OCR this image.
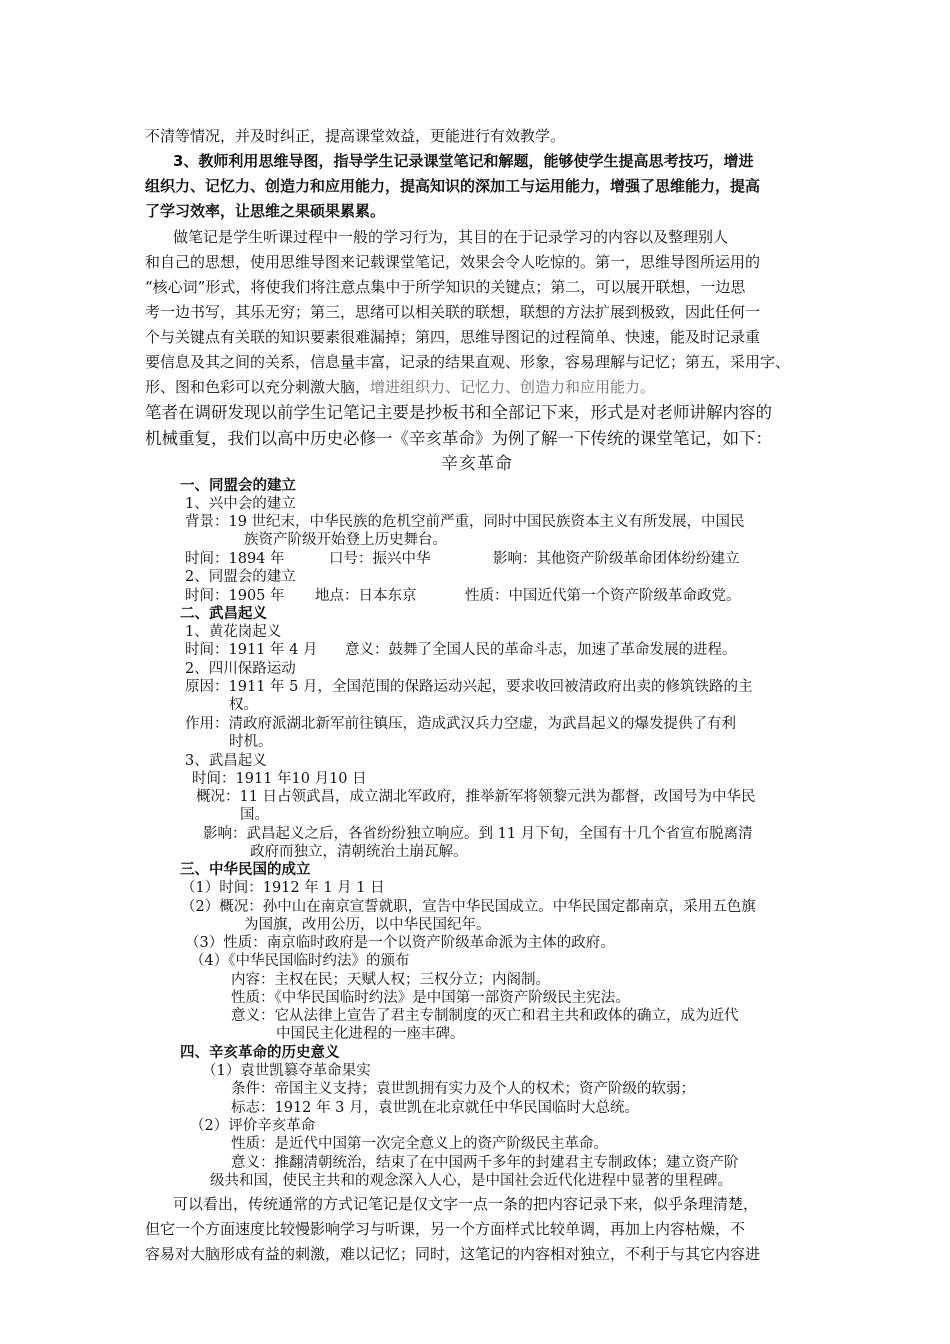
不清等情况，并及时纠正，提高课堂效益，更能进行有效教学。
3、教师利用思维导图，指导学生记录课堂笔记和解题，能够使学生提高思考技巧，增进
组织力、记忆力、创造力和应用能力，提高知识的深加工与运用能力，增强了思维能力，提高
了学习效率，让思维之果硕果累累。
做笔记是学生听课过程中一般的学习行为，其目的在于记录学习的内容以及整理别人
和自己的思想，使用思维导图来记载课堂笔记，效果会令人吃惊的。第一，思维导图所运用的
“核心词”形式，将使我们将注意点集中于所学知识的关键点；第二，可以展开联想，一边思
考一边书写，其乐无穷；第三，思绪可以相关联的联想，联想的方法扩展到极致，因此任何一
个与关键点有关联的知识要素很难漏掉；第四，思维导图记的过程简单、快速，能及时记录重
要信息及其之间的关系，信息量丰富，记录的结果直观、形象，容易理解与记忆；第五，采用字、
形、图和色彩可以充分刺激大脑，增进组织力、记忆力、创造力和应用能力。
笔者在调研发现以前学生记笔记主要是抄板书和全部记下来，形式是对老师讲解内容的
机械重复，我们以高中历史必修一《辛亥革命》为例了解一下传统的课堂笔记，如下：
辛亥革命
一、同盟会的建立
1、兴中会的建立
背景：19 世纪末，中华民族的危机空前严重，同时中国民族资本主义有所发展，中国民
族资产阶级开始登上历史舞台。
时间：1894 年	口号：振兴中华	影响：其他资产阶级革命团体纷纷建立
2、同盟会的建立
时间：1905 年 地点：日本东京	性质：中国近代第一个资产阶级革命政党。
二、武昌起义
1、黄花岗起义
时间：1911 年 4 月 意义：鼓舞了全国人民的革命斗志，加速了革命发展的进程。
2、四川保路运动
原因：1911 年 5 月，全国范围的保路运动兴起，要求收回被清政府出卖的修筑铁路的主
权。
作用：清政府派湖北新军前往镇压，造成武汉兵力空虚，为武昌起义的爆发提供了有利
时机。
3、武昌起义
时间：1911 年10 月10 日
概况：11 日占领武昌，成立湖北军政府，推举新军将领黎元洪为都督，改国号为中华民
国。
影响：武昌起义之后，各省纷纷独立响应。到 11 月下旬，全国有十几个省宣布脱离清
政府而独立，清朝统治土崩瓦解。
三、中华民国的成立
（1）时间：1912 年 1 月 1 日
（2）概况：孙中山在南京宣誓就职，宣告中华民国成立。中华民国定都南京，采用五色旗
为国旗，改用公历，以中华民国纪年。
（3）性质：南京临时政府是一个以资产阶级革命派为主体的政府。
（4）《中华民国临时约法》的颁布
内容：主权在民；天赋人权；三权分立；内阁制。
性质：《中华民国临时约法》是中国第一部资产阶级民主宪法。
意义：它从法律上宣告了君主专制制度的灭亡和君主共和政体的确立，成为近代
中国民主化进程的一座丰碑。
四、辛亥革命的历史意义
（1）袁世凯篡夺革命果实
条件：帝国主义支持；袁世凯拥有实力及个人的权术；资产阶级的软弱；
标志：1912 年 3 月，袁世凯在北京就任中华民国临时大总统。
（2）评价辛亥革命
性质：是近代中国第一次完全意义上的资产阶级民主革命。
意义：推翻清朝统治，结束了在中国两千多年的封建君主专制政体；建立资产阶
级共和国，使民主共和的观念深入人心，是中国社会近代化进程中显著的里程碑。
可以看出，传统通常的方式记笔记是仅文字一点一条的把内容记录下来，似乎条理清楚，
但它一个方面速度比较慢影响学习与听课，另一个方面样式比较单调，再加上内容枯燥，不
容易对大脑形成有益的刺激，难以记忆；同时，这笔记的内容相对独立，不利于与其它内容进
